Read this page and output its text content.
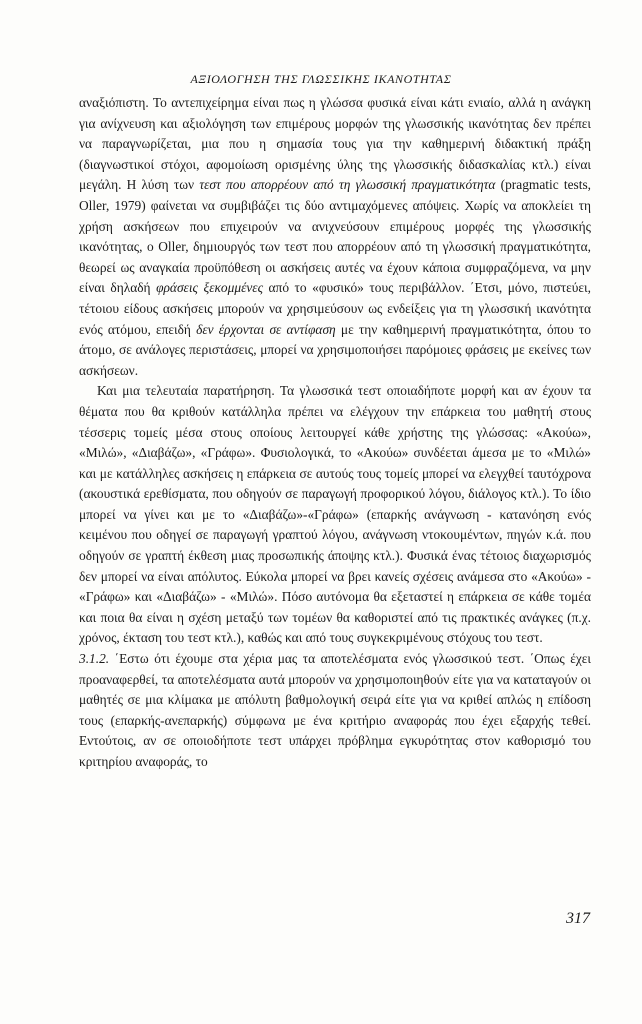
ΑΞΙΟΛΟΓΗΣΗ ΤΗΣ ΓΛΩΣΣΙΚΗΣ ΙΚΑΝΟΤΗΤΑΣ

αναξιόπιστη. Το αντεπιχείρημα είναι πως η γλώσσα φυσικά είναι κάτι ενιαίο, αλλά η ανάγκη για ανίχνευση και αξιολόγηση των επιμέρους μορφών της γλωσσικής ικανότητας δεν πρέπει να παραγνωρίζεται, μια που η σημασία τους για την καθημερινή διδακτική πράξη (διαγνωστικοί στόχοι, αφομοίωση ορισμένης ύλης της γλωσσικής διδασκαλίας κτλ.) είναι μεγάλη. Η λύση των τεστ που απορρέουν από τη γλωσσική πραγματικότητα (pragmatic tests, Oller, 1979) φαίνεται να συμβιβάζει τις δύο αντιμαχόμενες απόψεις. Χωρίς να αποκλείει τη χρήση ασκήσεων που επιχειρούν να ανιχνεύσουν επιμέρους μορφές της γλωσσικής ικανότητας, ο Oller, δημιουργός των τεστ που απορρέουν από τη γλωσσική πραγματικότητα, θεωρεί ως αναγκαία προϋπόθεση οι ασκήσεις αυτές να έχουν κάποια συμφραζόμενα, να μην είναι δηλαδή φράσεις ξεκομμένες από το «φυσικό» τους περιβάλλον. ΄Ετσι, μόνο, πιστεύει, τέτοιου είδους ασκήσεις μπορούν να χρησιμεύσουν ως ενδείξεις για τη γλωσσική ικανότητα ενός ατόμου, επειδή δεν έρχονται σε αντίφαση με την καθημερινή πραγματικότητα, όπου το άτομο, σε ανάλογες περιστάσεις, μπορεί να χρησιμοποιήσει παρόμοιες φράσεις με εκείνες των ασκήσεων.

Και μια τελευταία παρατήρηση. Τα γλωσσικά τεστ οποιαδήποτε μορφή και αν έχουν τα θέματα που θα κριθούν κατάλληλα πρέπει να ελέγχουν την επάρκεια του μαθητή στους τέσσερις τομείς μέσα στους οποίους λειτουργεί κάθε χρήστης της γλώσσας: «Ακούω», «Μιλώ», «Διαβάζω», «Γράφω». Φυσιολογικά, το «Ακούω» συνδέεται άμεσα με το «Μιλώ» και με κατάλληλες ασκήσεις η επάρκεια σε αυτούς τους τομείς μπορεί να ελεγχθεί ταυτόχρονα (ακουστικά ερεθίσματα, που οδηγούν σε παραγωγή προφορικού λόγου, διάλογος κτλ.). Το ίδιο μπορεί να γίνει και με το «Διαβάζω»-«Γράφω» (επαρκής ανάγνωση - κατανόηση ενός κειμένου που οδηγεί σε παραγωγή γραπτού λόγου, ανάγνωση ντοκουμέντων, πηγών κ.ά. που οδηγούν σε γραπτή έκθεση μιας προσωπικής άποψης κτλ.). Φυσικά ένας τέτοιος διαχωρισμός δεν μπορεί να είναι απόλυτος. Εύκολα μπορεί να βρει κανείς σχέσεις ανάμεσα στο «Ακούω» - «Γράφω» και «Διαβάζω» - «Μιλώ». Πόσο αυτόνομα θα εξεταστεί η επάρκεια σε κάθε τομέα και ποια θα είναι η σχέση μεταξύ των τομέων θα καθοριστεί από τις πρακτικές ανάγκες (π.χ. χρόνος, έκταση του τεστ κτλ.), καθώς και από τους συγκεκριμένους στόχους του τεστ.

3.1.2. ΄Εστω ότι έχουμε στα χέρια μας τα αποτελέσματα ενός γλωσσικού τεστ. ΄Οπως έχει προαναφερθεί, τα αποτελέσματα αυτά μπορούν να χρησιμοποιηθούν είτε για να καταταγούν οι μαθητές σε μια κλίμακα με απόλυτη βαθμολογική σειρά είτε για να κριθεί απλώς η επίδοση τους (επαρκής-ανεπαρκής) σύμφωνα με ένα κριτήριο αναφοράς που έχει εξαρχής τεθεί. Εντούτοις, αν σε οποιοδήποτε τεστ υπάρχει πρόβλημα εγκυρότητας στον καθορισμό του κριτηρίου αναφοράς, το

317
